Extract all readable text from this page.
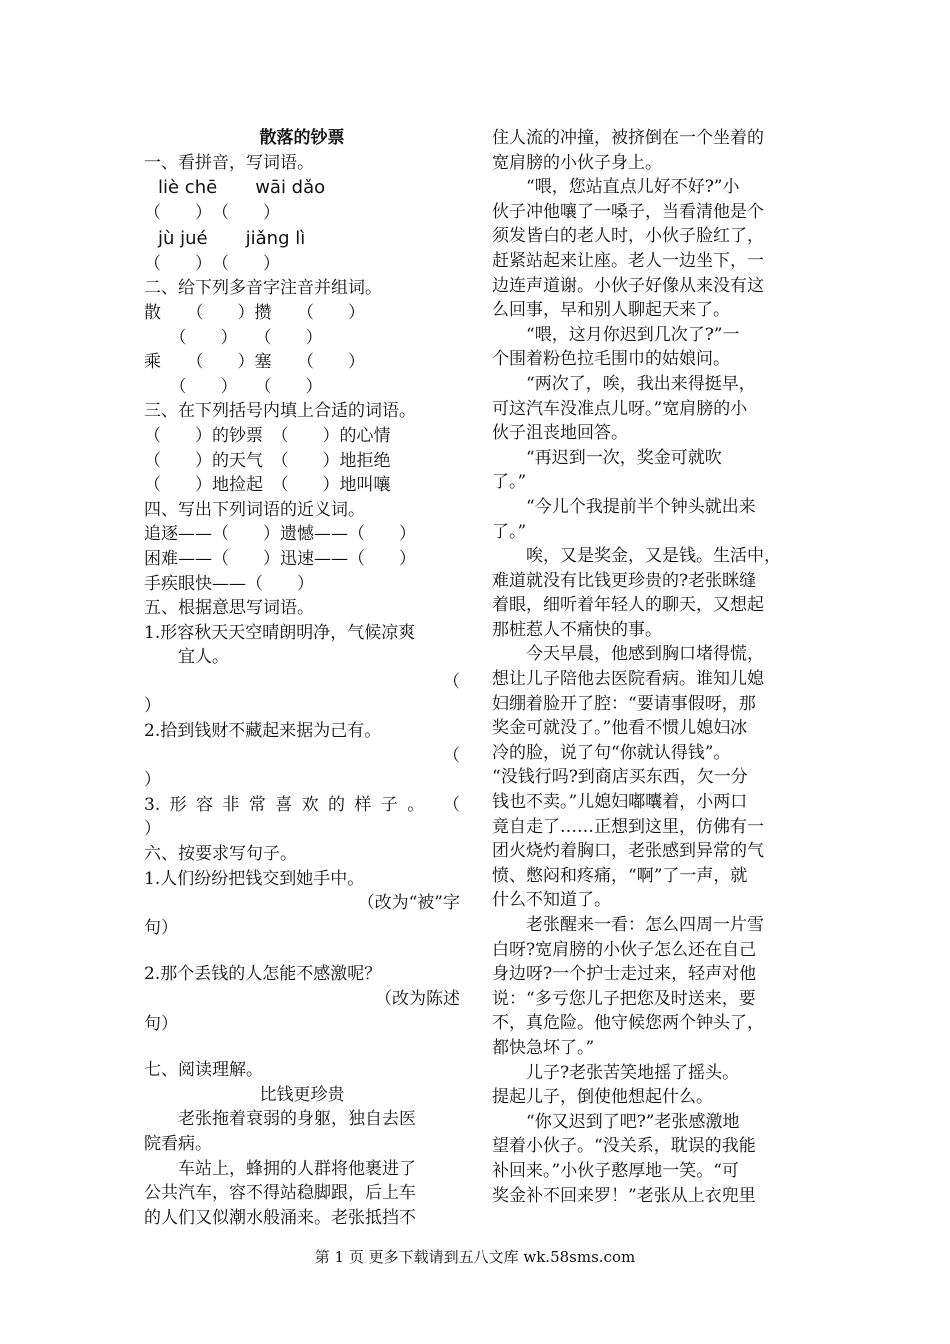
散落的钞票
一、看拼音，写词语。
liè chē wāi dǎo
（　　）　（　　）
jù jué jiǎng lì
（　　）　（　　）
二、给下列多音字注音并组词。
散　　（　　）攒　　（　　）
　　（　　）　　（　　）
乘　　（　　）塞　　（　　）
　　（　　）　　（　　）
三、在下列括号内填上合适的词语。
（　　）的钞票　（　　）的心情
（　　）的天气　（　　）地拒绝
（　　）地捡起　（　　）地叫嚷
四、写出下列词语的近义词。
追逐——（　　）遗憾——（　　）
困难——（　　）迅速——（　　）
手疾眼快——（　　）
五、根据意思写词语。
1.形容秋天天空晴朗明净，气候凉爽
宜人。
（
）
2.拾到钱财不藏起来据为己有。
（
）
3.形容非常喜欢的样子。　（
）
六、按要求写句子。
1.人们纷纷把钱交到她手中。
（改为“被”字
句）
2.那个丢钱的人怎能不感激呢？
（改为陈述
句）
七、阅读理解。
比钱更珍贵
老张拖着衰弱的身躯，独自去医
院看病。
车站上，蜂拥的人群将他裹进了
公共汽车，容不得站稳脚跟，后上车
的人们又似潮水般涌来。老张抵挡不
住人流的冲撞，被挤倒在一个坐着的
宽肩膀的小伙子身上。
“喂，您站直点儿好不好?”小
伙子冲他嚷了一嗓子，当看清他是个
须发皆白的老人时，小伙子脸红了，
赶紧站起来让座。老人一边坐下，一
边连声道谢。小伙子好像从来没有这
么回事，早和别人聊起天来了。
“喂，这月你迟到几次了?”一
个围着粉色拉毛围巾的姑娘问。
“两次了，唉，我出来得挺早，
可这汽车没准点儿呀。”宽肩膀的小
伙子沮丧地回答。
“再迟到一次，奖金可就吹
了。”
“今儿个我提前半个钟头就出来
了。”
唉，又是奖金，又是钱。生活中，
难道就没有比钱更珍贵的?老张眯缝
着眼，细听着年轻人的聊天，又想起
那桩惹人不痛快的事。
今天早晨，他感到胸口堵得慌，
想让儿子陪他去医院看病。谁知儿媳
妇绷着脸开了腔：“要请事假呀，那
奖金可就没了。”他看不惯儿媳妇冰
冷的脸，说了句“你就认得钱”。
“没钱行吗?到商店买东西，欠一分
钱也不卖。”儿媳妇嘟囔着，小两口
竟自走了……正想到这里，仿佛有一
团火烧灼着胸口，老张感到异常的气
愤、憋闷和疼痛，“啊”了一声，就
什么不知道了。
老张醒来一看：怎么四周一片雪
白呀?宽肩膀的小伙子怎么还在自己
身边呀?一个护士走过来，轻声对他
说：“多亏您儿子把您及时送来，要
不，真危险。他守候您两个钟头了，
都快急坏了。”
儿子?老张苦笑地摇了摇头。
提起儿子，倒使他想起什么。
“你又迟到了吧?”老张感激地
望着小伙子。“没关系，耽误的我能
补回来。”小伙子憨厚地一笑。“可
奖金补不回来罗！”老张从上衣兜里
第 1 页 更多下载请到五八文库 wk.58sms.com
